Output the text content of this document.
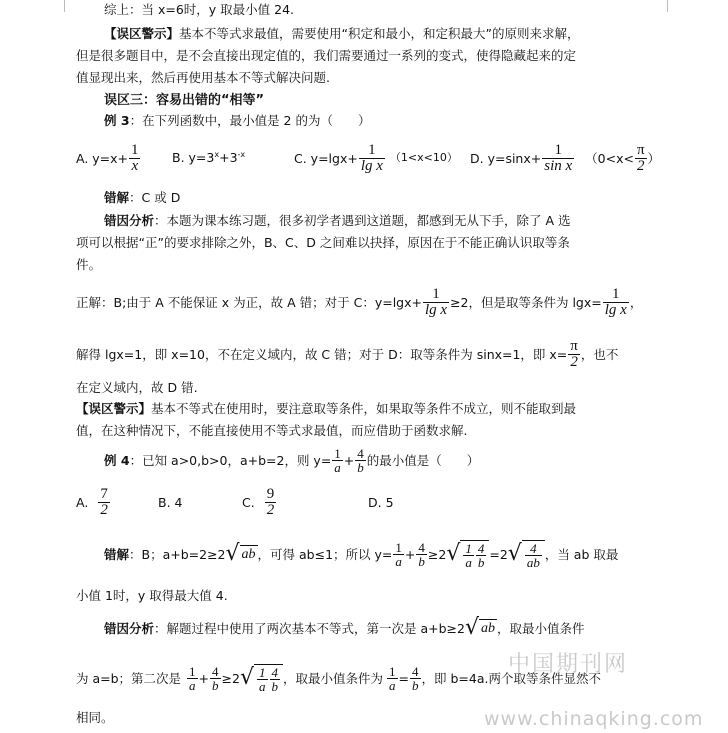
综上：当 x=6时，y 取最小值 24.
【误区警示】基本不等式求最值，需要使用“积定和最小，和定积最大”的原则来求解，
但是很多题目中，是不会直接出现定值的，我们需要通过一系列的变式，使得隐藏起来的定
值显现出来，然后再使用基本不等式解决问题.
误区三：容易出错的“相等”
例 3：在下列函数中，最小值是 2 的为（　　）
A. $y=x+ \frac{1}{x}$	B. $y=3^x+3^{-x}$	C. $y=\lg x+ \frac{1}{\text{lg x}} (1<x<10)$ D. $y=\sin x+ \frac{1}{\text{sin x}} (0<x< \frac{\pi}{2}$ ）
错解：C 或 D
错因分析：本题为课本练习题，很多初学者遇到这道题，都感到无从下手，除了 A 选
项可以根据“正”的要求排除之外，B、C、D 之间难以抉择，原因在于不能正确认识取等条
件。
正解：B;由于 A 不能保证 x 为正，故 A 错；对于 C：$y=\lg x+ \frac{1}{\text{lg x}} \ge 2$，但是取等条件为 $\lg x= \frac{1}{\text{lg x}}$ ，
解得 lgx=1，即 x=10，不在定义域内，故 C 错；对于 D：取等条件为 sinx=1，即 $x= \frac{\pi}{2}$ ，也不
在定义域内，故 D 错.
【误区警示】基本不等式在使用时，要注意取等条件，如果取等条件不成立，则不能取到最
值，在这种情况下，不能直接使用不等式求最值，而应借助于函数求解.
例 4 ：已知 a>0,b>0，a+b=2，则 $y= \frac{1}{a} + \frac{4}{b}$ 的最小值是（　　）
A. $\frac{7}{2}$	B. 4	C. $\frac{9}{2}$	D. 5
错解 ：B；a+b=2≥2 √ ab ，可得 ab≤1；所以 $y= \frac{1}{a} + \frac{4}{b} \ge 2$ √ $\frac{1}{a} \frac{4}{b} =2$ √ $\frac{4}{ab}$ ，当 ab 取最
小值 1时，y 取得最大值 4.
错因分析 ：解题过程中使用了两次基本不等式，第一次是 a+b≥2 √ ab ，取最小值条件
为 a=b；第二次是 $\frac{1}{a} + \frac{4}{b} \ge 2$ √ $\frac{1}{a} \frac{4}{b}$ ，取最小值条件为 $\frac{1}{a} = \frac{4}{b}$ ，即 b=4a.两个取等条件显然不
相同。
中国期刊网
www.chinaqking.com
